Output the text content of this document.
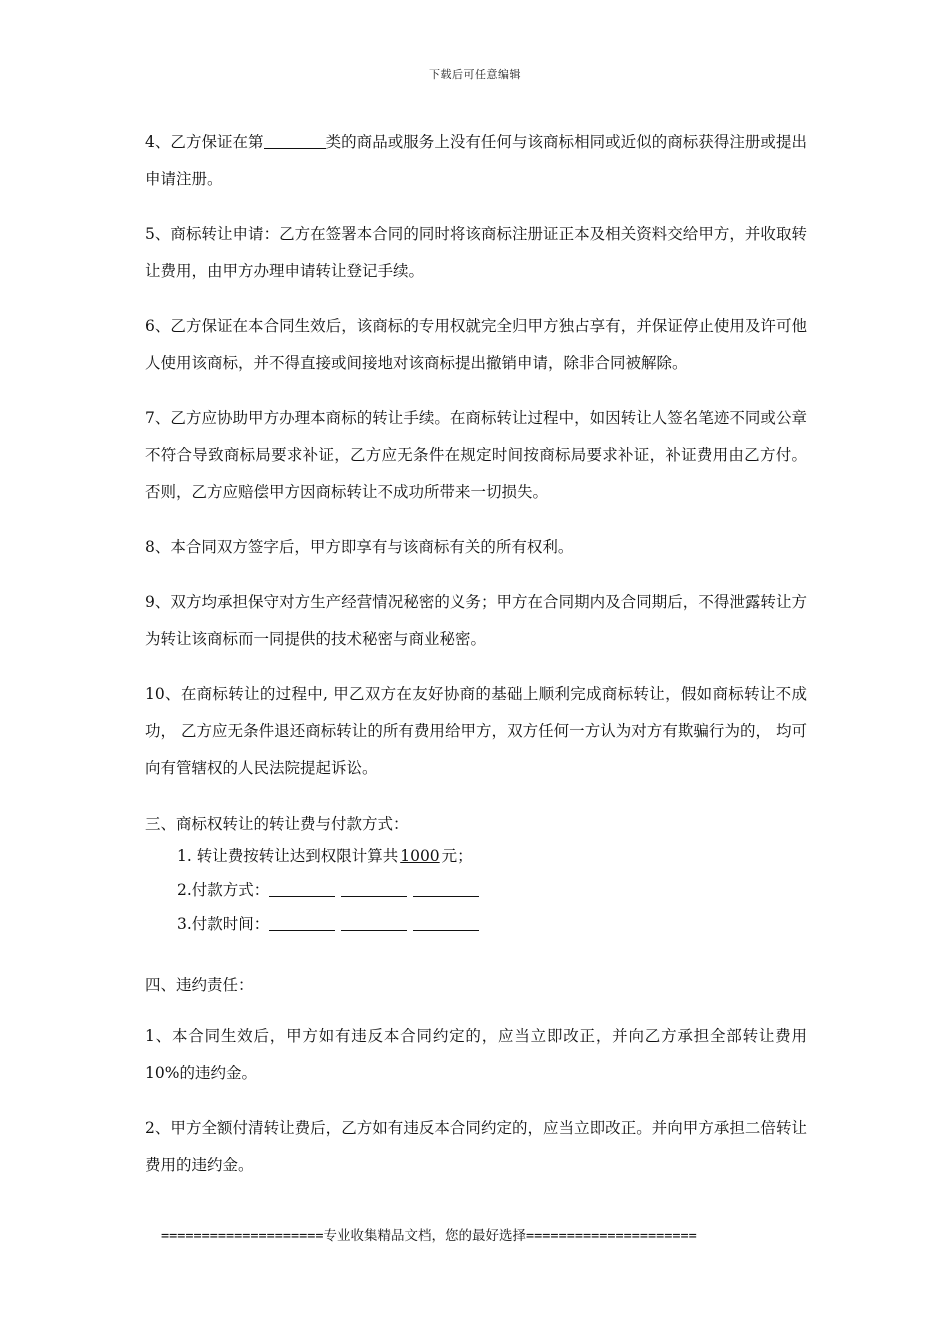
下载后可任意编辑

4、乙方保证在第	类的商品或服务上没有任何与该商标相同或近似的商标获得注册或提出申请注册。

5、商标转让申请：乙方在签署本合同的同时将该商标注册证正本及相关资料交给甲方，并收取转让费用，由甲方办理申请转让登记手续。

6、乙方保证在本合同生效后，该商标的专用权就完全归甲方独占享有，并保证停止使用及许可他人使用该商标，并不得直接或间接地对该商标提出撤销申请，除非合同被解除。

7、乙方应协助甲方办理本商标的转让手续。在商标转让过程中，如因转让人签名笔迹不同或公章不符合导致商标局要求补证，乙方应无条件在规定时间按商标局要求补证，补证费用由乙方付。否则，乙方应赔偿甲方因商标转让不成功所带来一切损失。

8、本合同双方签字后，甲方即享有与该商标有关的所有权利。

9、双方均承担保守对方生产经营情况秘密的义务；甲方在合同期内及合同期后，不得泄露转让方为转让该商标而一同提供的技术秘密与商业秘密。

10、在商标转让的过程中, 甲乙双方在友好协商的基础上顺利完成商标转让，假如商标转让不成功， 乙方应无条件退还商标转让的所有费用给甲方，双方任何一方认为对方有欺骗行为的， 均可向有管辖权的人民法院提起诉讼。

三、商标权转让的转让费与付款方式：

1. 转让费按转让达到权限计算共 1000 元；

2.付款方式：

3.付款时间：

四、违约责任：

1、本合同生效后，甲方如有违反本合同约定的，应当立即改正，并向乙方承担全部转让费用 10%的违约金。

2、甲方全额付清转让费后，乙方如有违反本合同约定的，应当立即改正。并向甲方承担二倍转让费用的违约金。

====================专业收集精品文档，您的最好选择=====================
